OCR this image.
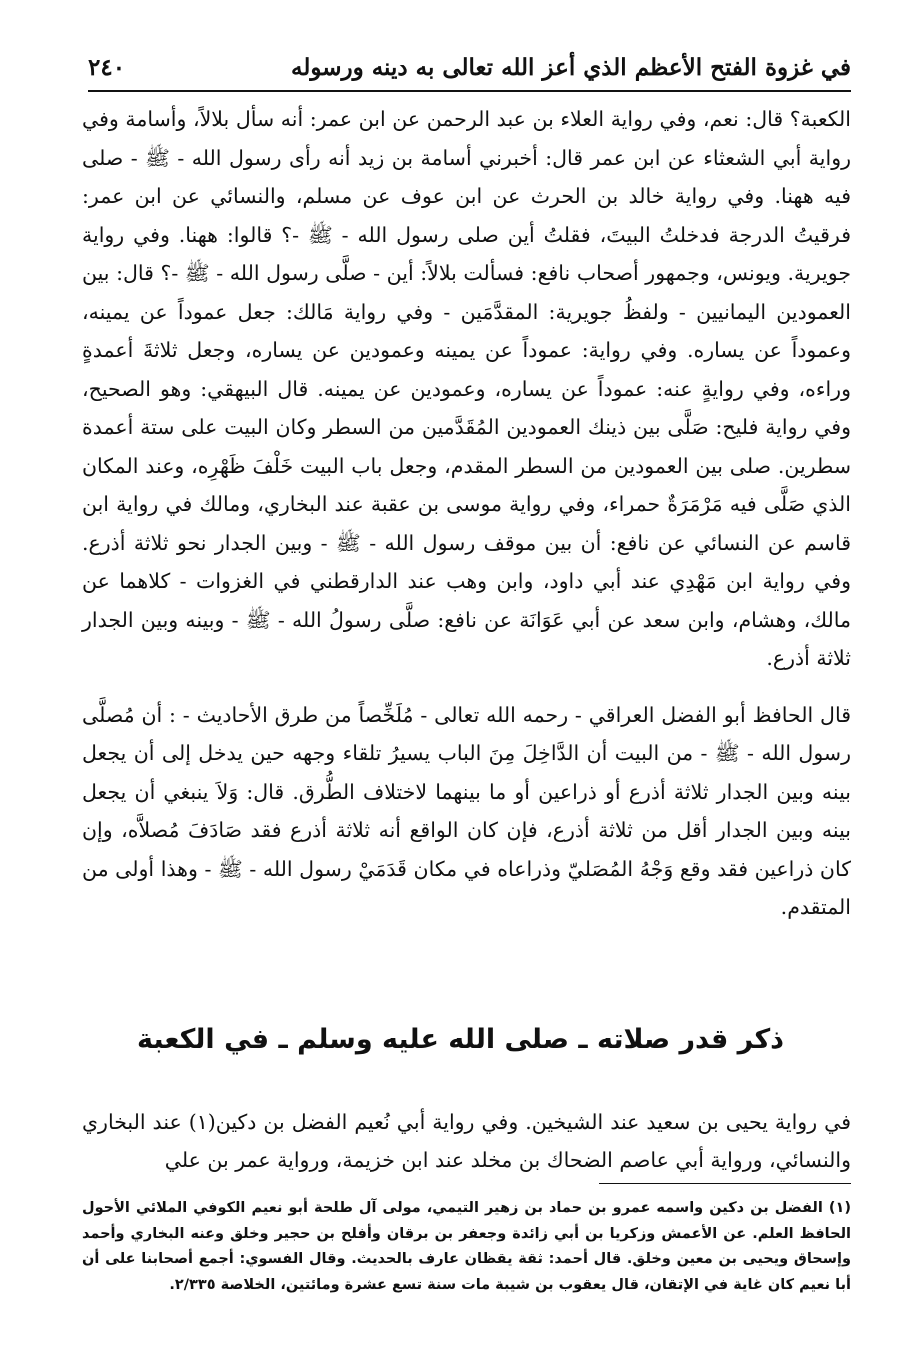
في غزوة الفتح الأعظم الذي أعز الله تعالى به دينه ورسوله
٢٤٠

الكعبة؟ قال: نعم، وفي رواية العلاء بن عبد الرحمن عن ابن عمر: أنه سأل بلالاً، وأسامة وفي رواية أبي الشعثاء عن ابن عمر قال: أخبرني أسامة بن زيد أنه رأى رسول الله - ﷺ - صلى فيه ههنا. وفي رواية خالد بن الحرث عن ابن عوف عن مسلم، والنسائي عن ابن عمر: فرقيتُ الدرجة فدخلتُ البيتَ، فقلتُ أين صلى رسول الله - ﷺ -؟ قالوا: ههنا. وفي رواية جويرية. ويونس، وجمهور أصحاب نافع: فسألت بلالاً: أين - صلَّى رسول الله - ﷺ -؟ قال: بين العمودين اليمانيين - ولفظُ جويرية: المقدَّمَين - وفي رواية مَالك: جعل عموداً عن يمينه، وعموداً عن يساره. وفي رواية: عموداً عن يمينه وعمودين عن يساره، وجعل ثلاثةَ أعمدةٍ وراءه، وفي روايةٍ عنه: عموداً عن يساره، وعمودين عن يمينه. قال البيهقي: وهو الصحيح، وفي رواية فليح: صَلَّى بين ذينك العمودين المُقَدَّمين من السطر وكان البيت على ستة أعمدة سطرين. صلى بين العمودين من السطر المقدم، وجعل باب البيت خَلْفَ ظَهْرِه، وعند المكان الذي صَلَّى فيه مَرْمَرَةٌ حمراء، وفي رواية موسى بن عقبة عند البخاري، ومالك في رواية ابن قاسم عن النسائي عن نافع: أن بين موقف رسول الله - ﷺ - وبين الجدار نحو ثلاثة أذرع. وفي رواية ابن مَهْدِي عند أبي داود، وابن وهب عند الدارقطني في الغزوات - كلاهما عن مالك، وهشام، وابن سعد عن أبي عَوَانَة عن نافع: صلَّى رسولُ الله - ﷺ - وبينه وبين الجدار ثلاثة أذرع.

قال الحافظ أبو الفضل العراقي - رحمه الله تعالى - مُلَخِّصاً من طرق الأحاديث - : أن مُصلَّى رسول الله - ﷺ - من البيت أن الدَّاخِلَ مِنَ الباب يسيرُ تلقاء وجهه حين يدخل إلى أن يجعل بينه وبين الجدار ثلاثة أذرع أو ذراعين أو ما بينهما لاختلاف الطُّرق. قال: وَلاَ ينبغي أن يجعل بينه وبين الجدار أقل من ثلاثة أذرع، فإن كان الواقع أنه ثلاثة أذرع فقد صَادَفَ مُصلاَّه، وإن كان ذراعين فقد وقع وَجْهُ المُصَليّ وذراعاه في مكان قَدَمَيْ رسول الله - ﷺ - وهذا أولى من المتقدم.

ذكر قدر صلاته ـ صلى الله عليه وسلم ـ في الكعبة

في رواية يحيى بن سعيد عند الشيخين. وفي رواية أبي نُعيم الفضل بن دكين(١) عند البخاري والنسائي، ورواية أبي عاصم الضحاك بن مخلد عند ابن خزيمة، ورواية عمر بن علي

(١) الفضل بن دكين واسمه عمرو بن حماد بن زهير التيمي، مولى آل طلحة أبو نعيم الكوفي الملائي الأحول الحافظ العلم. عن الأعمش وزكريا بن أبي زائدة وجعفر بن برقان وأفلح بن حجير وخلق وعنه البخاري وأحمد وإسحاق ويحيى بن معين وخلق. قال أحمد: ثقة يقظان عارف بالحديث. وقال الفسوي: أجمع أصحابنا على أن أبا نعيم كان غاية في الإتقان، قال يعقوب بن شيبة مات سنة تسع عشرة ومائتين، الخلاصة ٢/٣٣٥.
